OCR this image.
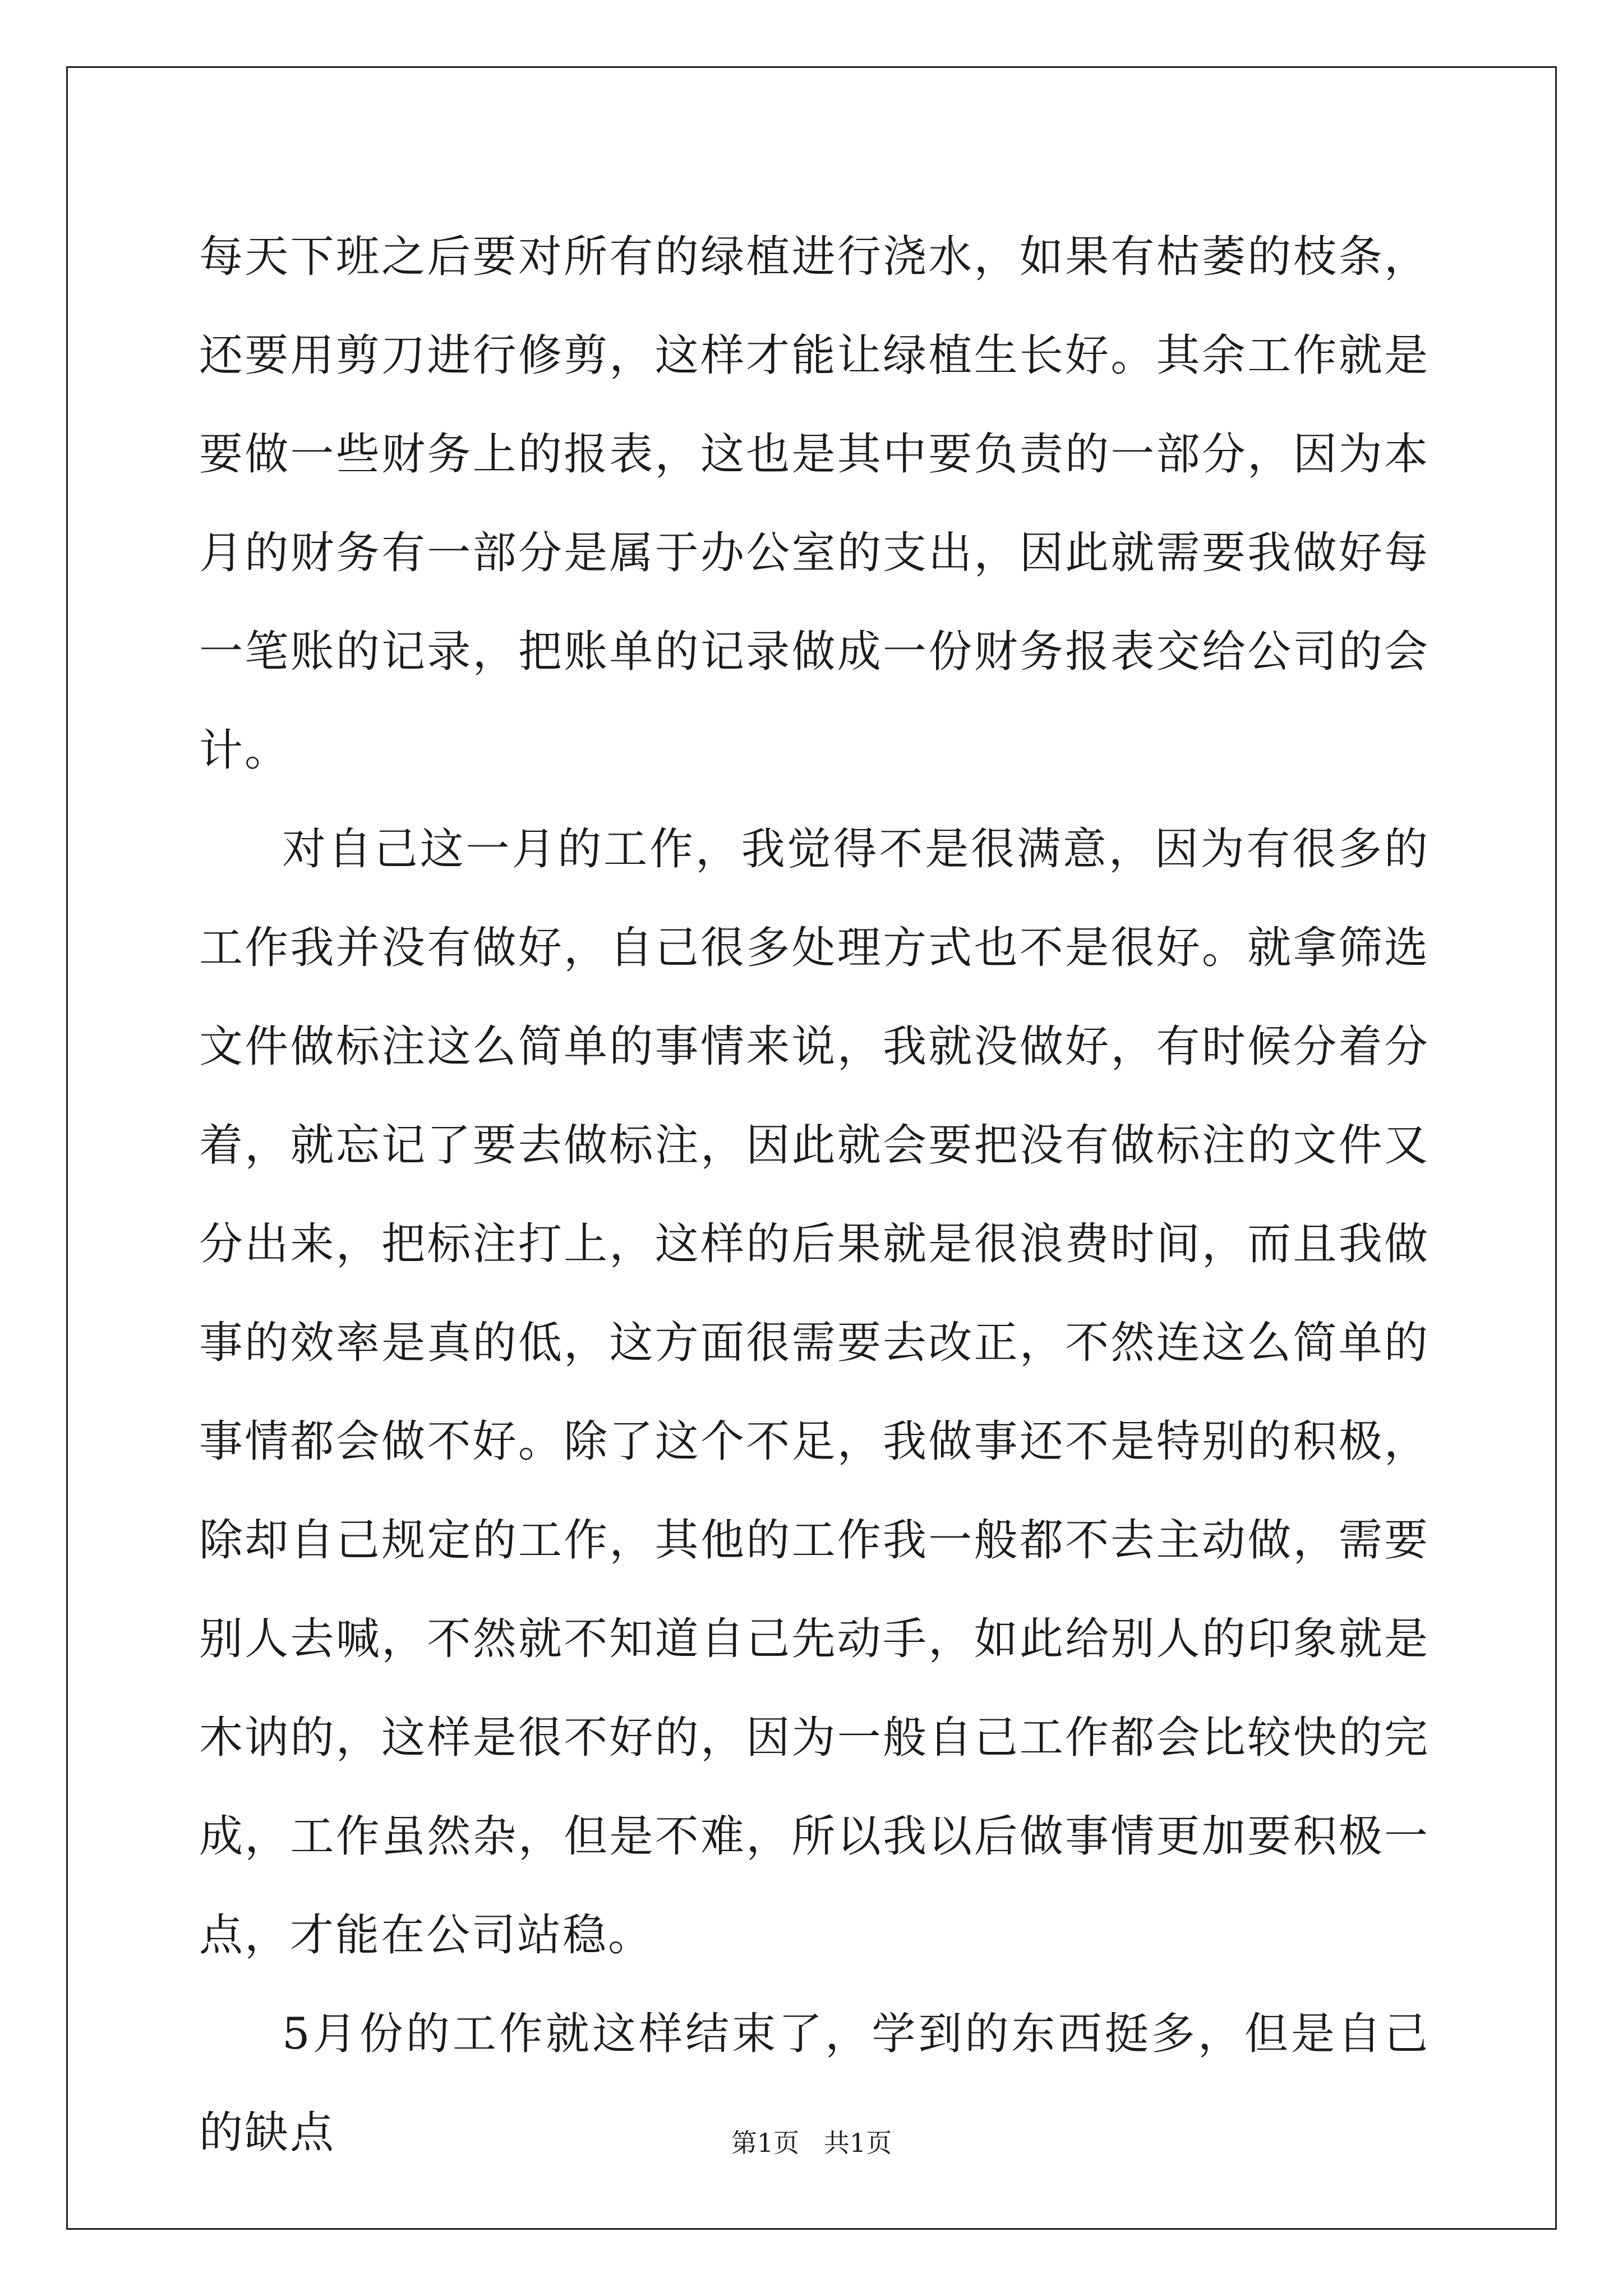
每天下班之后要对所有的绿植进行浇水，如果有枯萎的枝条，还要用剪刀进行修剪，这样才能让绿植生长好。其余工作就是要做一些财务上的报表，这也是其中要负责的一部分，因为本月的财务有一部分是属于办公室的支出，因此就需要我做好每一笔账的记录，把账单的记录做成一份财务报表交给公司的会计。

对自己这一月的工作，我觉得不是很满意，因为有很多的工作我并没有做好，自己很多处理方式也不是很好。就拿筛选文件做标注这么简单的事情来说，我就没做好，有时候分着分着，就忘记了要去做标注，因此就会要把没有做标注的文件又分出来，把标注打上，这样的后果就是很浪费时间，而且我做事的效率是真的低，这方面很需要去改正，不然连这么简单的事情都会做不好。除了这个不足，我做事还不是特别的积极，除却自己规定的工作，其他的工作我一般都不去主动做，需要别人去喊，不然就不知道自己先动手，如此给别人的印象就是木讷的，这样是很不好的，因为一般自己工作都会比较快的完成，工作虽然杂，但是不难，所以我以后做事情更加要积极一点，才能在公司站稳。

5月份的工作就这样结束了，学到的东西挺多，但是自己的缺点	第1页   共1页
